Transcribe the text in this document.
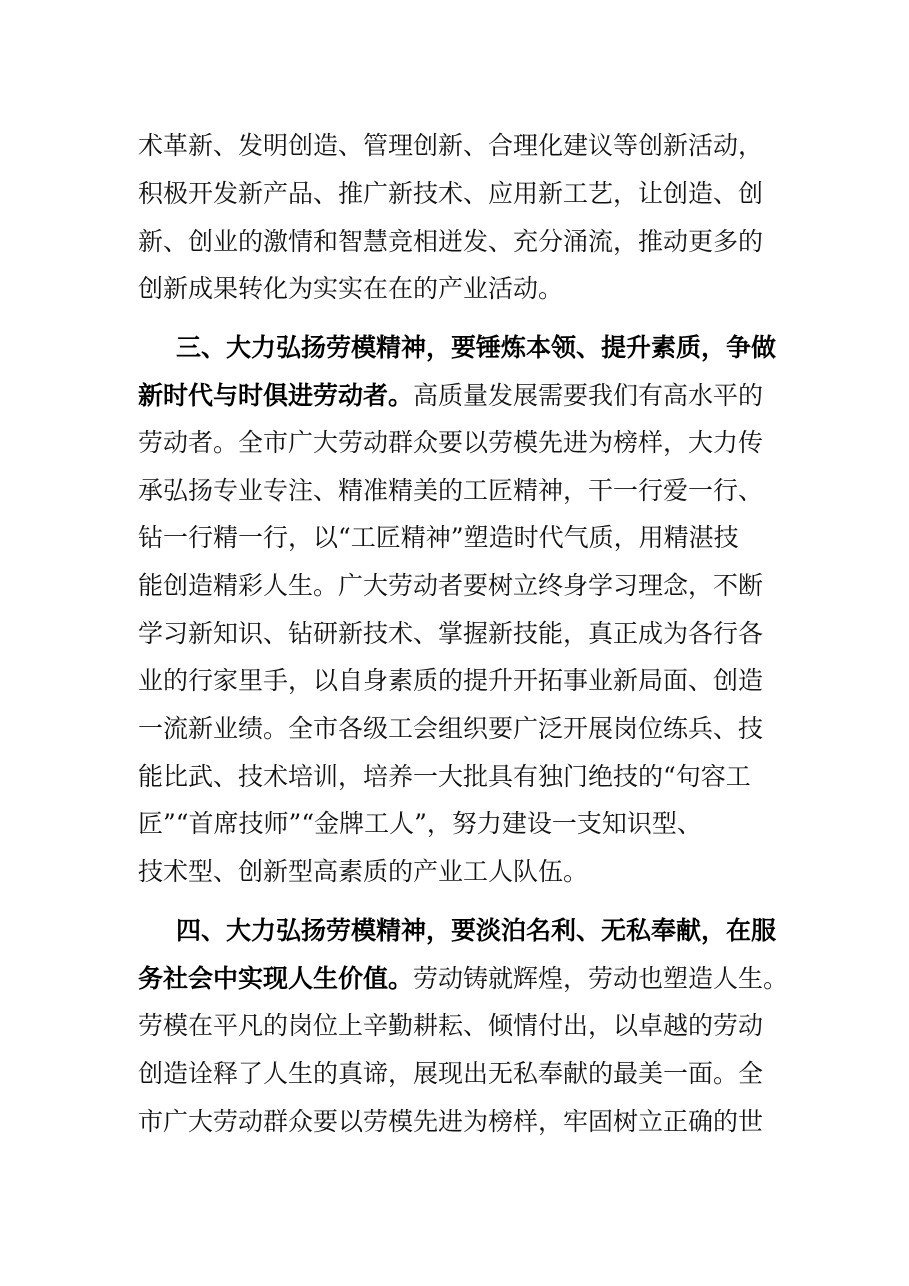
术革新、发明创造、管理创新、合理化建议等创新活动，
积极开发新产品、推广新技术、应用新工艺，让创造、创
新、创业的激情和智慧竞相迸发、充分涌流，推动更多的
创新成果转化为实实在在的产业活动。
三、大力弘扬劳模精神，要锤炼本领、提升素质，争做
新时代与时俱进劳动者。高质量发展需要我们有高水平的
劳动者。全市广大劳动群众要以劳模先进为榜样，大力传
承弘扬专业专注、精准精美的工匠精神，干一行爱一行、
钻一行精一行，以“工匠精神”塑造时代气质，用精湛技
能创造精彩人生。广大劳动者要树立终身学习理念，不断
学习新知识、钻研新技术、掌握新技能，真正成为各行各
业的行家里手，以自身素质的提升开拓事业新局面、创造
一流新业绩。全市各级工会组织要广泛开展岗位练兵、技
能比武、技术培训，培养一大批具有独门绝技的“句容工
匠”“首席技师”“金牌工人”，努力建设一支知识型、
技术型、创新型高素质的产业工人队伍。
四、大力弘扬劳模精神，要淡泊名利、无私奉献，在服
务社会中实现人生价值。劳动铸就辉煌，劳动也塑造人生。
劳模在平凡的岗位上辛勤耕耘、倾情付出，以卓越的劳动
创造诠释了人生的真谛，展现出无私奉献的最美一面。全
市广大劳动群众要以劳模先进为榜样，牢固树立正确的世
